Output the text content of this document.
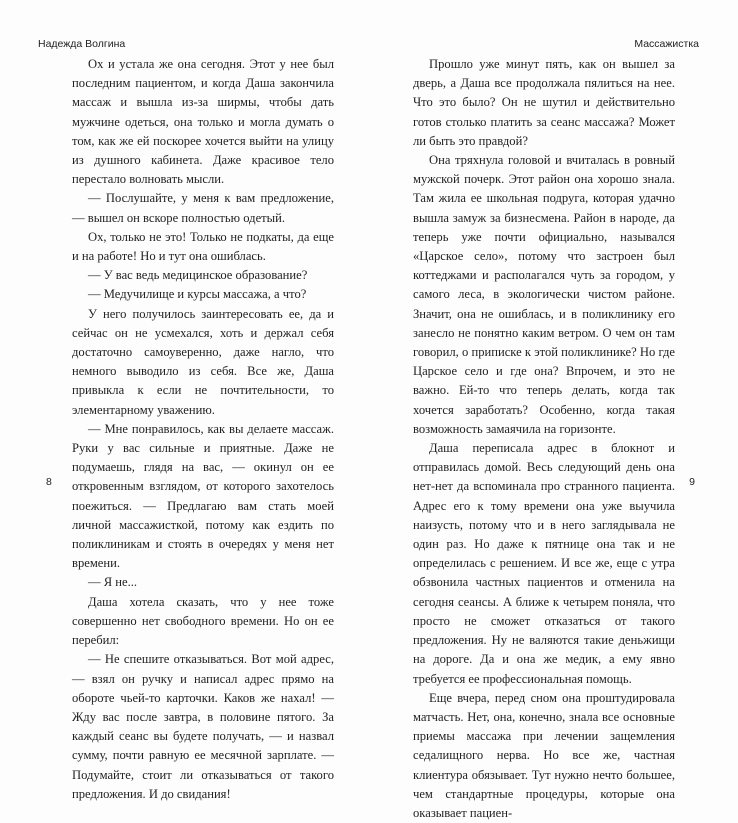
Надежда Волгина

Ох и устала же она сегодня. Этот у нее был последним пациентом, и когда Даша закончила массаж и вышла из-за ширмы, чтобы дать мужчине одеться, она только и могла думать о том, как же ей поскорее хочется выйти на улицу из душного кабинета. Даже красивое тело перестало волновать мысли.

— Послушайте, у меня к вам предложение, — вышел он вскоре полностью одетый.

Ох, только не это! Только не подкаты, да еще и на работе! Но и тут она ошиблась.

— У вас ведь медицинское образование?

— Медучилище и курсы массажа, а что?

У него получилось заинтересовать ее, да и сейчас он не усмехался, хоть и держал себя достаточно самоуверенно, даже нагло, что немного выводило из себя. Все же, Даша привыкла к если не почтительности, то элементарному уважению.

— Мне понравилось, как вы делаете массаж. Руки у вас сильные и приятные. Даже не подумаешь, глядя на вас, — окинул он ее откровенным взглядом, от которого захотелось поежиться. — Предлагаю вам стать моей личной массажисткой, потому как ездить по поликлиникам и стоять в очередях у меня нет времени.

— Я не...

Даша хотела сказать, что у нее тоже совершенно нет свободного времени. Но он ее перебил:

— Не спешите отказываться. Вот мой адрес, — взял он ручку и написал адрес прямо на обороте чьей-то карточки. Каков же нахал! — Жду вас после завтра, в половине пятого. За каждый сеанс вы будете получать, — и назвал сумму, почти равную ее месячной зарплате. — Подумайте, стоит ли отказываться от такого предложения. И до свидания!

8
Массажистка

Прошло уже минут пять, как он вышел за дверь, а Даша все продолжала пялиться на нее. Что это было? Он не шутил и действительно готов столько платить за сеанс массажа? Может ли быть это правдой?

Она тряхнула головой и вчиталась в ровный мужской почерк. Этот район она хорошо знала. Там жила ее школьная подруга, которая удачно вышла замуж за бизнесмена. Район в народе, да теперь уже почти официально, назывался «Царское село», потому что застроен был коттеджами и располагался чуть за городом, у самого леса, в экологически чистом районе. Значит, она не ошиблась, и в поликлинику его занесло не понятно каким ветром. О чем он там говорил, о приписке к этой поликлинике? Но где Царское село и где она? Впрочем, и это не важно. Ей-то что теперь делать, когда так хочется заработать? Особенно, когда такая возможность замаячила на горизонте.

Даша переписала адрес в блокнот и отправилась домой. Весь следующий день она нет-нет да вспоминала про странного пациента. Адрес его к тому времени она уже выучила наизусть, потому что и в него заглядывала не один раз. Но даже к пятнице она так и не определилась с решением. И все же, еще с утра обзвонила частных пациентов и отменила на сегодня сеансы. А ближе к четырем поняла, что просто не сможет отказаться от такого предложения. Ну не валяются такие деньжищи на дороге. Да и она же медик, а ему явно требуется ее профессиональная помощь.

Еще вчера, перед сном она проштудировала матчасть. Нет, она, конечно, знала все основные приемы массажа при лечении защемления седалищного нерва. Но все же, частная клиентура обязывает. Тут нужно нечто большее, чем стандартные процедуры, которые она оказывает пациен-

9
